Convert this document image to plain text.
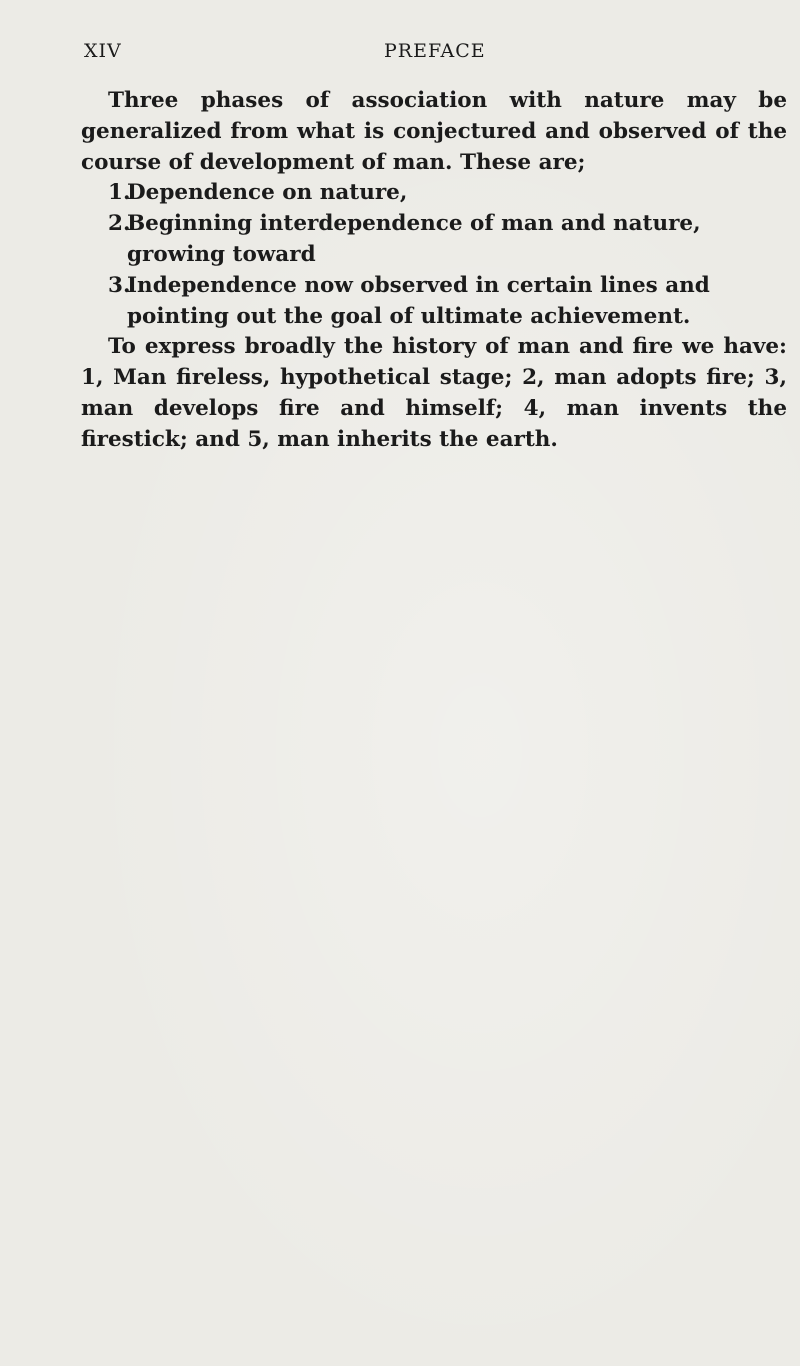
XIV	PREFACE

Three phases of association with nature may be generalized from what is conjectured and observed of the course of development of man. These are;

1.
Dependence on nature,
2.
Beginning interdependence of man and nature, growing toward
3.
Independence now observed in certain lines and pointing out the goal of ultimate achievement.

To express broadly the history of man and fire we have: 1, Man fireless, hypothetical stage; 2, man adopts fire; 3, man develops fire and himself; 4, man invents the firestick; and 5, man inherits the earth.
